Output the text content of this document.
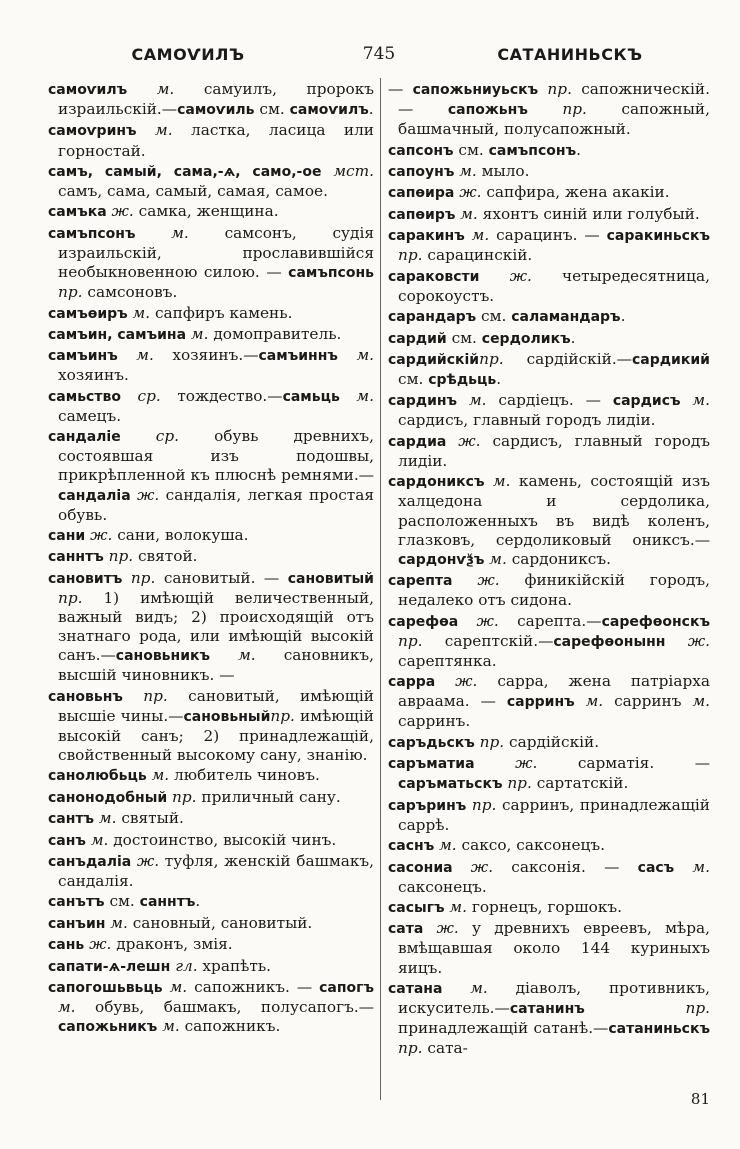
САМОѴИЛЪ	745	САТАНИНЬСКЪ

самоѵилъ м. самуилъ, пророкъ израильскій.—самоѵиль см. самоѵилъ.

самоѵринъ м. ластка, ласица или горностай.

самъ, самый, сама,-ѧ, само,-ое мст. самъ, сама, самый, самая, самое.

самъка ж. самка, женщина.

самъпсонъ м. самсонъ, судія израильскій, прославившійся необыкновенною силою. — самъпсонь пр. самсоновъ.

самъѳиръ м. сапфиръ камень.

самъин, самъина м. домоправитель.

самъинъ м. хозяинъ.—самъиннъ м. хозяинъ.

самьство ср. тождество.—самьць м. самецъ.

сандаліе ср. обувь древнихъ, состоявшая изъ подошвы, прикрѣпленной къ плюснѣ ремнями.—сандаліа ж. сандалія, легкая простая обувь.

сани ж. сани, волокуша.

саннтъ пр. святой.

сановитъ пр. сановитый. — сановитый пр. 1) имѣющій величественный, важный видъ; 2) происходящій отъ знатнаго рода, или имѣющій высокій санъ.—сановьникъ м. сановникъ, высшій чиновникъ. —

сановьнъ пр. сановитый, имѣющій высшіе чины.—сановьныйпр. имѣющій высокій санъ; 2) принадлежащій, свойственный высокому сану, знанію.

санолюбьць м. любитель чиновъ.

санонодобный пр. приличный сану.

сантъ м. святый.

санъ м. достоинство, высокій чинъ.

санъдаліа ж. туфля, женскій башмакъ, сандалія.

санътъ см. саннтъ.

санъин м. сановный, сановитый.

сань ж. драконъ, змія.

сапати-ѧ-лешн гл. храпѣть.

сапогошьвьць м. сапожникъ. — сапогъ м. обувь, башмакъ, полусапогъ.—сапожьникъ м. сапожникъ.

— сапожьниуьскъ пр. сапожническій. — сапожьнъ пр. сапожный, башмачный, полусапожный.

сапсонъ см. самъпсонъ.

сапоунъ м. мыло.

сапѳира ж. сапфира, жена акакіи.

сапѳиръ м. яхонтъ синій или голубый.

саракинъ м. сарацинъ. — саракиньскъ пр. сарацинскій.

сараковсти ж. четыредесятница, сорокоустъ.

сарандаръ см. саламандаръ.

сардий см. сердоликъ.

сардийскійпр. сардійскій.—сардикий см. срѣдьць.

сардинъ м. сардіецъ. — сардисъ м. сардисъ, главный городъ лидіи.

сардиа ж. сардисъ, главный городъ лидіи.

сардониксъ м. камень, состоящій изъ халцедона и сердолика, расположенныхъ въ видѣ коленъ, глазковъ, сердоликовый ониксъ.—сардонѵѯъ м. сардониксъ.

сарепта ж. финикійскій городъ, недалеко отъ сидона.

сарефѳа ж. сарепта.—сарефѳонскъ пр. сарептскій.—сарефѳонынн ж. сарептянка.

сарра ж. сарра, жена патріарха авраама. — сарринъ м. сарринъ м. сарринъ.

саръдьскъ пр. сардійскій.

саръматиа ж. сарматія. — саръматьскъ пр. сартатскій.

саръринъ пр. сарринъ, принадлежащій саррѣ.

саснъ м. саксо, саксонецъ.

сасониа ж. саксонія. — сасъ м. саксонецъ.

сасыгъ м. горнецъ, горшокъ.

сата ж. у древнихъ евреевъ, мѣра, вмѣщавшая около 144 куриныхъ яицъ.

сатана м. діаволъ, противникъ, искуситель.—сатанинъ пр. принадлежащій сатанѣ.—сатаниньскъ пр. сата-

81
